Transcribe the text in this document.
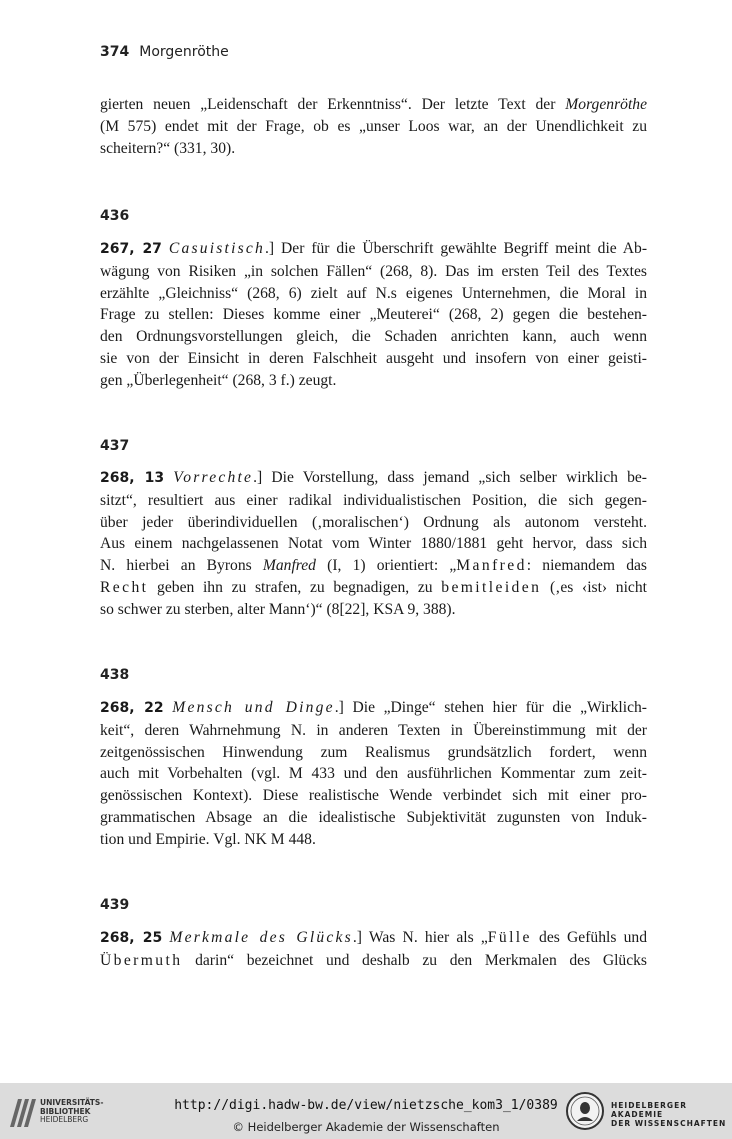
374 Morgenröthe
gierten neuen „Leidenschaft der Erkenntniss“. Der letzte Text der Morgenröthe
(M 575) endet mit der Frage, ob es „unser Loos war, an der Unendlichkeit zu
scheitern?“ (331, 30).
436
267, 27 Casuistisch.] Der für die Überschrift gewählte Begriff meint die Ab-
wägung von Risiken „in solchen Fällen“ (268, 8). Das im ersten Teil des Textes
erzählte „Gleichniss“ (268, 6) zielt auf N.s eigenes Unternehmen, die Moral in
Frage zu stellen: Dieses komme einer „Meuterei“ (268, 2) gegen die bestehen-
den Ordnungsvorstellungen gleich, die Schaden anrichten kann, auch wenn
sie von der Einsicht in deren Falschheit ausgeht und insofern von einer geisti-
gen „Überlegenheit“ (268, 3 f.) zeugt.
437
268, 13 Vorrechte.] Die Vorstellung, dass jemand „sich selber wirklich be-
sitzt“, resultiert aus einer radikal individualistischen Position, die sich gegen-
über jeder überindividuellen (‚moralischen‘) Ordnung als autonom versteht.
Aus einem nachgelassenen Notat vom Winter 1880/1881 geht hervor, dass sich
N. hierbei an Byrons Manfred (I, 1) orientiert: „Manfred: niemandem das
Recht geben ihn zu strafen, zu begnadigen, zu bemitleiden (‚es ‹ist› nicht
so schwer zu sterben, alter Mann‘)“ (8[22], KSA 9, 388).
438
268, 22 Mensch und Dinge.] Die „Dinge“ stehen hier für die „Wirklich-
keit“, deren Wahrnehmung N. in anderen Texten in Übereinstimmung mit der
zeitgenössischen Hinwendung zum Realismus grundsätzlich fordert, wenn
auch mit Vorbehalten (vgl. M 433 und den ausführlichen Kommentar zum zeit-
genössischen Kontext). Diese realistische Wende verbindet sich mit einer pro-
grammatischen Absage an die idealistische Subjektivität zugunsten von Induk-
tion und Empirie. Vgl. NK M 448.
439
268, 25 Merkmale des Glücks.] Was N. hier als „Fülle des Gefühls und
Übermuth darin“ bezeichnet und deshalb zu den Merkmalen des Glücks
UNIVERSITÄTS-
BIBLIOTHEK
HEIDELBERG
http://digi.hadw-bw.de/view/nietzsche_kom3_1/0389
© Heidelberger Akademie der Wissenschaften
HEIDELBERGER AKADEMIE
DER WISSENSCHAFTEN
